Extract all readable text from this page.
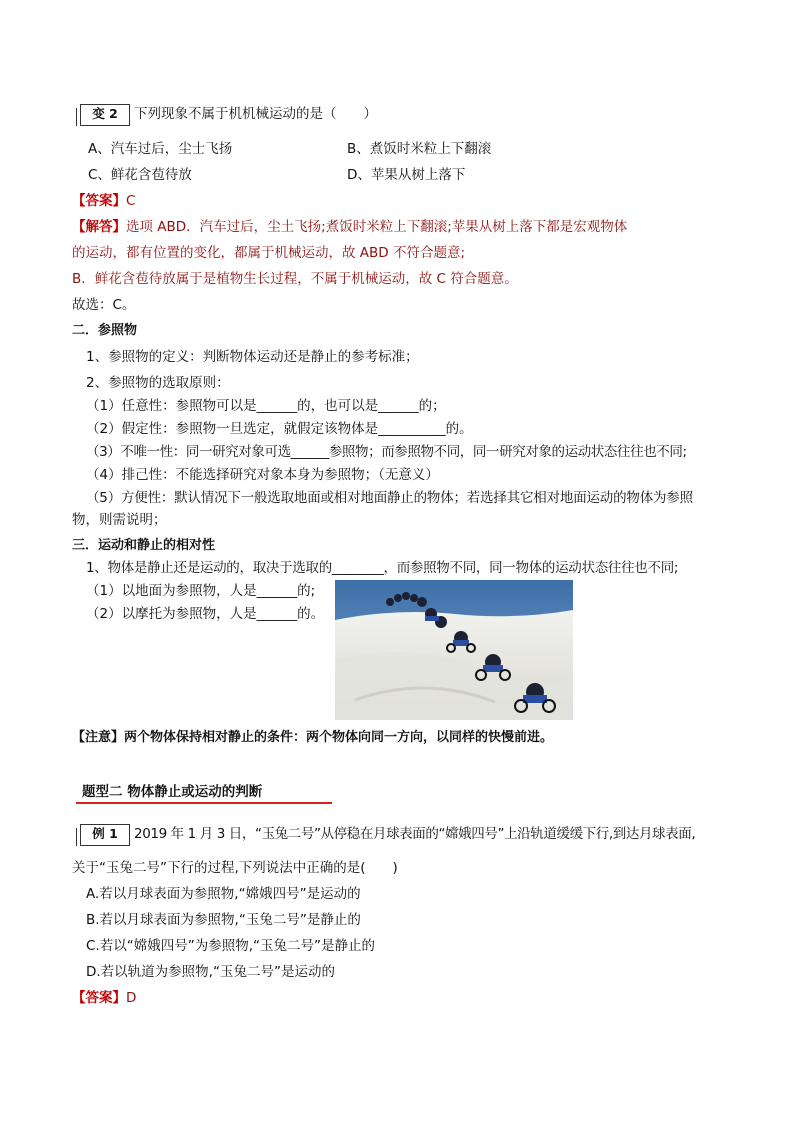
变 2	下列现象不属于机机械运动的是（　　）
A、汽车过后，尘士飞扬	B、煮饭时米粒上下翻滚
C、鲜花含苞待放	D、苹果从树上落下
【答案】C
【解答】选项 ABD．汽车过后，尘土飞扬;煮饭时米粒上下翻滚;苹果从树上落下都是宏观物体
的运动，都有位置的变化，都属于机械运动，故 ABD 不符合题意;
B．鲜花含苞待放属于是植物生长过程，不属于机械运动，故 C 符合题意。
故选：C。
二．参照物
1、参照物的定义：判断物体运动还是静止的参考标准；
2、参照物的选取原则：
（1）任意性：参照物可以是______的，也可以是______的；
（2）假定性：参照物一旦选定，就假定该物体是__________的。
（3）不唯一性：同一研究对象可选______参照物；而参照物不同，同一研究对象的运动状态往往也不同;
（4）排己性：不能选择研究对象本身为参照物；（无意义）
（5）方便性：默认情况下一般选取地面或相对地面静止的物体；若选择其它相对地面运动的物体为参照
物，则需说明；
三．运动和静止的相对性
1、物体是静止还是运动的，取决于选取的________，而参照物不同，同一物体的运动状态往往也不同;
（1）以地面为参照物，人是______的;
（2）以摩托为参照物，人是______的。
【注意】两个物体保持相对静止的条件：两个物体向同一方向，以同样的快慢前进。
题型二 物体静止或运动的判断
例 1	2019 年 1 月 3 日，“玉兔二号”从停稳在月球表面的“嫦娥四号”上沿轨道缓缓下行,到达月球表面,
关于“玉兔二号”下行的过程,下列说法中正确的是(　　)
A.若以月球表面为参照物,“嫦娥四号”是运动的
B.若以月球表面为参照物,“玉兔二号”是静止的
C.若以“嫦娥四号”为参照物,“玉兔二号”是静止的
D.若以轨道为参照物,“玉兔二号”是运动的
【答案】D
